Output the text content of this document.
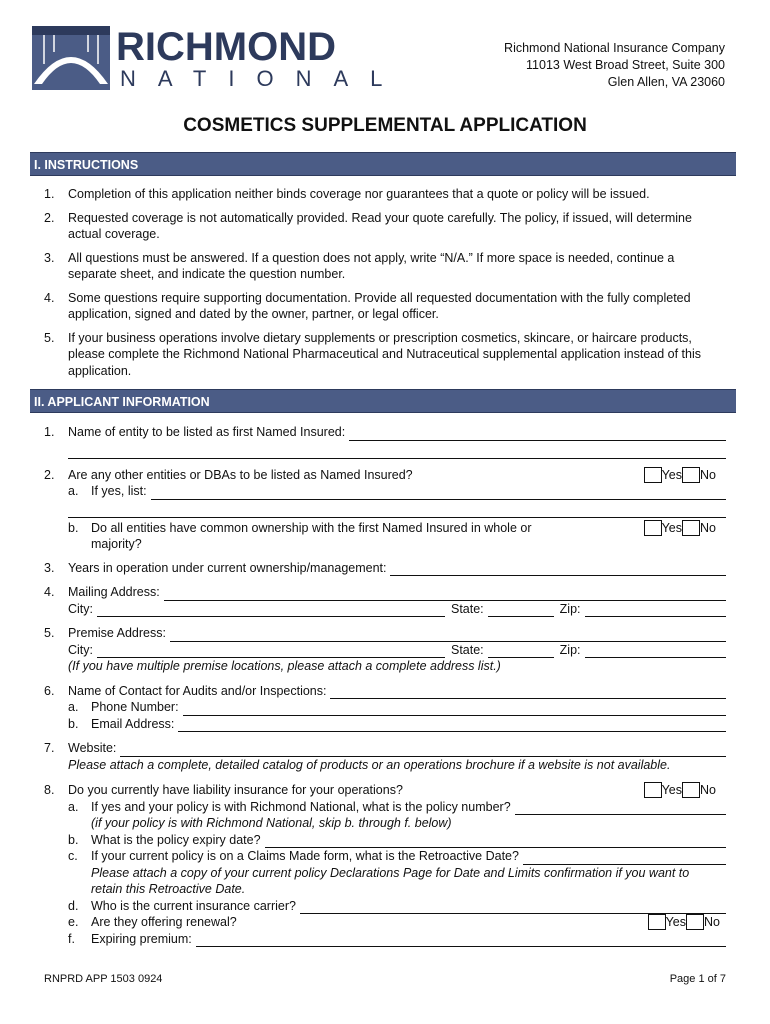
RICHMOND
NATIONAL
Richmond National Insurance Company
11013 West Broad Street, Suite 300
Glen Allen, VA 23060
COSMETICS SUPPLEMENTAL APPLICATION
I. INSTRUCTIONS
1.	Completion of this application neither binds coverage nor guarantees that a quote or policy will be issued.
2.	Requested coverage is not automatically provided. Read your quote carefully. The policy, if issued, will determine actual coverage.
3.	All questions must be answered. If a question does not apply, write “N/A.” If more space is needed, continue a separate sheet, and indicate the question number.
4.	Some questions require supporting documentation. Provide all requested documentation with the fully completed application, signed and dated by the owner, partner, or legal officer.
5.	If your business operations involve dietary supplements or prescription cosmetics, skincare, or haircare products, please complete the Richmond National Pharmaceutical and Nutraceutical supplemental application instead of this application.
II. APPLICANT INFORMATION
1.	Name of entity to be listed as first Named Insured:
2.	Are any other entities or DBAs to be listed as Named Insured?	Yes No
a.	If yes, list:
b.	Do all entities have common ownership with the first Named Insured in whole or majority?
Yes No
3.	Years in operation under current ownership/management:
4.	Mailing Address:
City:	State:	Zip:
5.	Premise Address:
City:	State:	Zip:
(If you have multiple premise locations, please attach a complete address list.)
6.	Name of Contact for Audits and/or Inspections:
a.	Phone Number:
b.	Email Address:
7.	Website:
Please attach a complete, detailed catalog of products or an operations brochure if a website is not available.
8.	Do you currently have liability insurance for your operations?	Yes No
a.	If yes and your policy is with Richmond National, what is the policy number?
(if your policy is with Richmond National, skip b. through f. below)
b.	What is the policy expiry date?
c.	If your current policy is on a Claims Made form, what is the Retroactive Date?
Please attach a copy of your current policy Declarations Page for Date and Limits confirmation if you want to retain this Retroactive Date.
d.	Who is the current insurance carrier?
e.	Are they offering renewal?	Yes No
f.	Expiring premium:
RNPRD APP 1503 0924	Page 1 of 7
